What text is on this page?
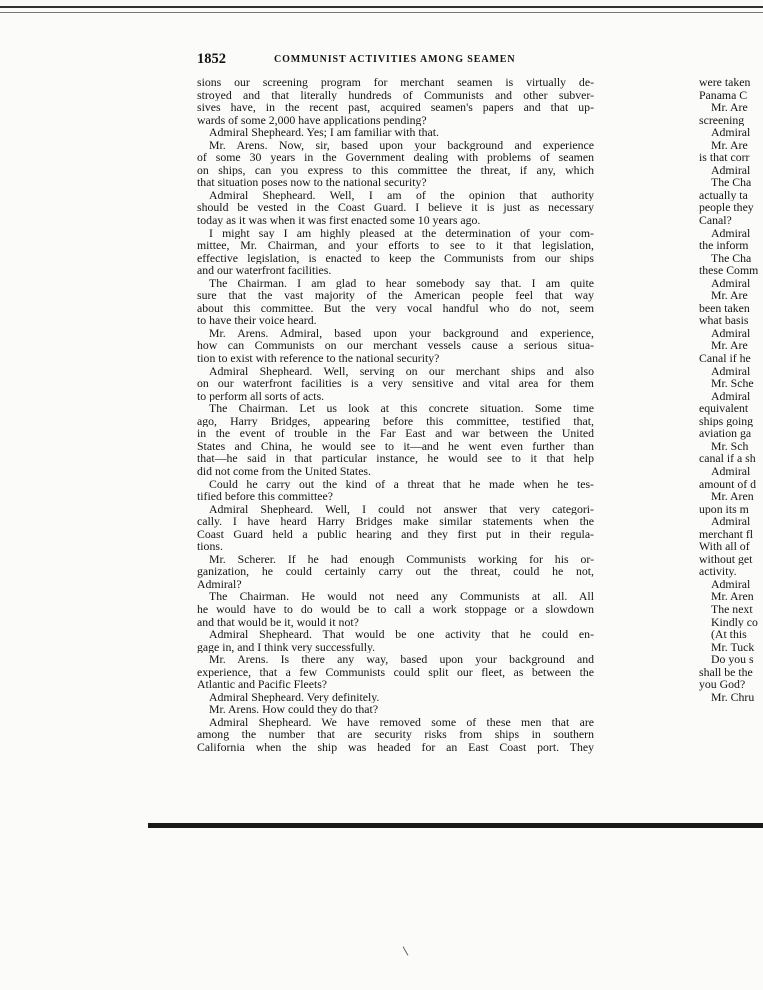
1852	COMMUNIST ACTIVITIES AMONG SEAMEN
sions our screening program for merchant seamen is virtually de-
stroyed and that literally hundreds of Communists and other subver-
sives have, in the recent past, acquired seamen's papers and that up-
wards of some 2,000 have applications pending?
Admiral Shepheard. Yes; I am familiar with that.
Mr. Arens. Now, sir, based upon your background and experience
of some 30 years in the Government dealing with problems of seamen
on ships, can you express to this committee the threat, if any, which
that situation poses now to the national security?
Admiral Shepheard. Well, I am of the opinion that authority
should be vested in the Coast Guard. I believe it is just as necessary
today as it was when it was first enacted some 10 years ago.
I might say I am highly pleased at the determination of your com-
mittee, Mr. Chairman, and your efforts to see to it that legislation,
effective legislation, is enacted to keep the Communists from our ships
and our waterfront facilities.
The Chairman. I am glad to hear somebody say that. I am quite
sure that the vast majority of the American people feel that way
about this committee. But the very vocal handful who do not, seem
to have their voice heard.
Mr. Arens. Admiral, based upon your background and experience,
how can Communists on our merchant vessels cause a serious situa-
tion to exist with reference to the national security?
Admiral Shepheard. Well, serving on our merchant ships and also
on our waterfront facilities is a very sensitive and vital area for them
to perform all sorts of acts.
The Chairman. Let us look at this concrete situation. Some time
ago, Harry Bridges, appearing before this committee, testified that,
in the event of trouble in the Far East and war between the United
States and China, he would see to it—and he went even further than
that—he said in that particular instance, he would see to it that help
did not come from the United States.
Could he carry out the kind of a threat that he made when he tes-
tified before this committee?
Admiral Shepheard. Well, I could not answer that very categori-
cally. I have heard Harry Bridges make similar statements when the
Coast Guard held a public hearing and they first put in their regula-
tions.
Mr. Scherer. If he had enough Communists working for his or-
ganization, he could certainly carry out the threat, could he not,
Admiral?
The Chairman. He would not need any Communists at all. All
he would have to do would be to call a work stoppage or a slowdown
and that would be it, would it not?
Admiral Shepheard. That would be one activity that he could en-
gage in, and I think very successfully.
Mr. Arens. Is there any way, based upon your background and
experience, that a few Communists could split our fleet, as between the
Atlantic and Pacific Fleets?
Admiral Shepheard. Very definitely.
Mr. Arens. How could they do that?
Admiral Shepheard. We have removed some of these men that are
among the number that are security risks from ships in southern
California when the ship was headed for an East Coast port. They
were taken
Panama C
Mr. Are
screening
Admiral
Mr. Are
is that corr
Admiral
The Cha
actually ta
people they
Canal?
Admiral
the inform
The Cha
these Comm
Admiral
Mr. Are
been taken
what basis
Admiral
Mr. Are
Canal if he
Admiral
Mr. Sche
Admiral
equivalent
ships going
aviation ga
Mr. Sch
canal if a sh
Admiral
amount of d
Mr. Aren
upon its m
Admiral
merchant fl
With all of
without get
activity.
Admiral
Mr. Aren
The next
Kindly co
(At this
Mr. Tuck
Do you s
shall be the
you God?
Mr. Chru
